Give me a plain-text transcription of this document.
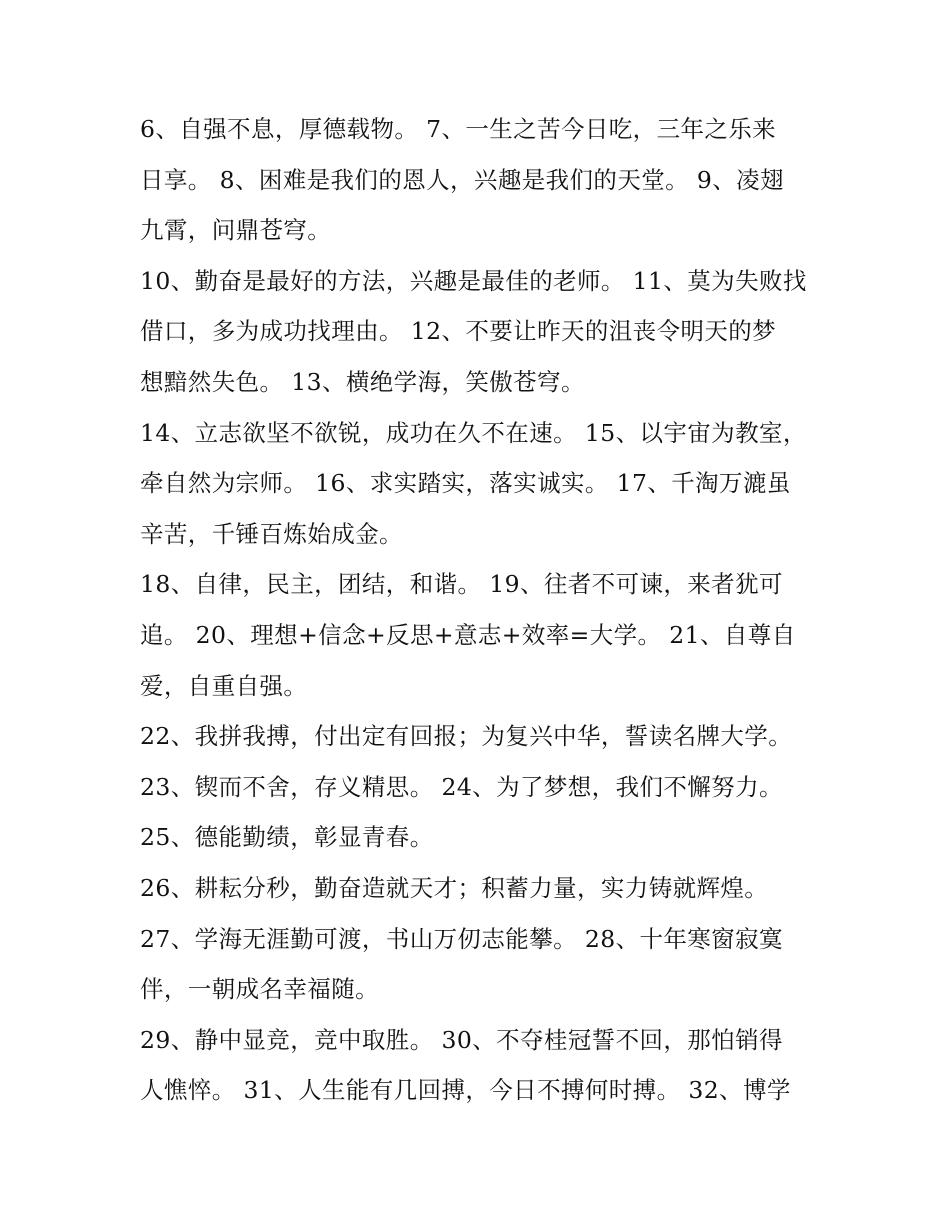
6、自强不息，厚德载物。 7、一生之苦今日吃，三年之乐来
日享。 8、困难是我们的恩人，兴趣是我们的天堂。 9、凌翅
九霄，问鼎苍穹。
10、勤奋是最好的方法，兴趣是最佳的老师。 11、莫为失败找
借口，多为成功找理由。 12、不要让昨天的沮丧令明天的梦
想黯然失色。 13、横绝学海，笑傲苍穹。
14、立志欲坚不欲锐，成功在久不在速。 15、以宇宙为教室，
牵自然为宗师。 16、求实踏实，落实诚实。 17、千淘万漉虽
辛苦，千锤百炼始成金。
18、自律，民主，团结，和谐。 19、往者不可谏，来者犹可
追。 20、理想+信念+反思+意志+效率=大学。 21、自尊自
爱，自重自强。
22、我拼我搏，付出定有回报；为复兴中华，誓读名牌大学。
23、锲而不舍，存义精思。 24、为了梦想，我们不懈努力。
25、德能勤绩，彰显青春。
26、耕耘分秒，勤奋造就天才；积蓄力量，实力铸就辉煌。
27、学海无涯勤可渡，书山万仞志能攀。 28、十年寒窗寂寞
伴，一朝成名幸福随。
29、静中显竞，竞中取胜。 30、不夺桂冠誓不回，那怕销得
人憔悴。 31、人生能有几回搏，今日不搏何时搏。 32、博学
